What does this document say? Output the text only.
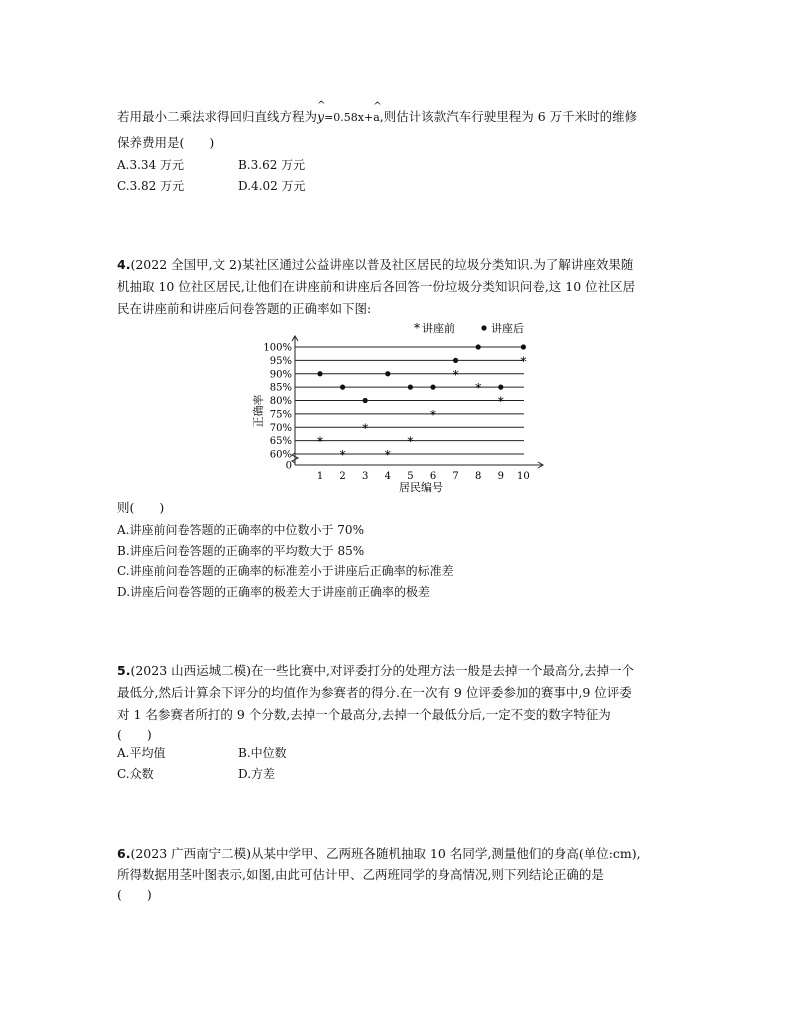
若用最小二乘法求得回归直线方程为^ y=0.58x+^ a,则估计该款汽车行驶里程为 6 万千米时的维修
保养费用是(　　)
A.3.34 万元	B.3.62 万元
C.3.82 万元	D.4.02 万元
4.(2022 全国甲,文 2)某社区通过公益讲座以普及社区居民的垃圾分类知识.为了解讲座效果随
机抽取 10 位社区居民,让他们在讲座前和讲座后各回答一份垃圾分类知识问卷,这 10 位社区居
民在讲座前和讲座后问卷答题的正确率如下图:
0
60%
65%
70%
75%
80%
85%
90%
95%
100%
1 2 3 4 5 6 7 8 9 10
*
*
*
*
*
*
*
*
*
*
* 讲座前	讲座后
正确率
居民编号
则(　　)
A.讲座前问卷答题的正确率的中位数小于 70%
B.讲座后问卷答题的正确率的平均数大于 85%
C.讲座前问卷答题的正确率的标准差小于讲座后正确率的标准差
D.讲座后问卷答题的正确率的极差大于讲座前正确率的极差
5.(2023 山西运城二模)在一些比赛中,对评委打分的处理方法一般是去掉一个最高分,去掉一个
最低分,然后计算余下评分的均值作为参赛者的得分.在一次有 9 位评委参加的赛事中,9 位评委
对 1 名参赛者所打的 9 个分数,去掉一个最高分,去掉一个最低分后,一定不变的数字特征为
(　　)
A.平均值	B.中位数
C.众数	D.方差
6.(2023 广西南宁二模)从某中学甲、乙两班各随机抽取 10 名同学,测量他们的身高(单位:cm),
所得数据用茎叶图表示,如图,由此可估计甲、乙两班同学的身高情况,则下列结论正确的是
(　　)
